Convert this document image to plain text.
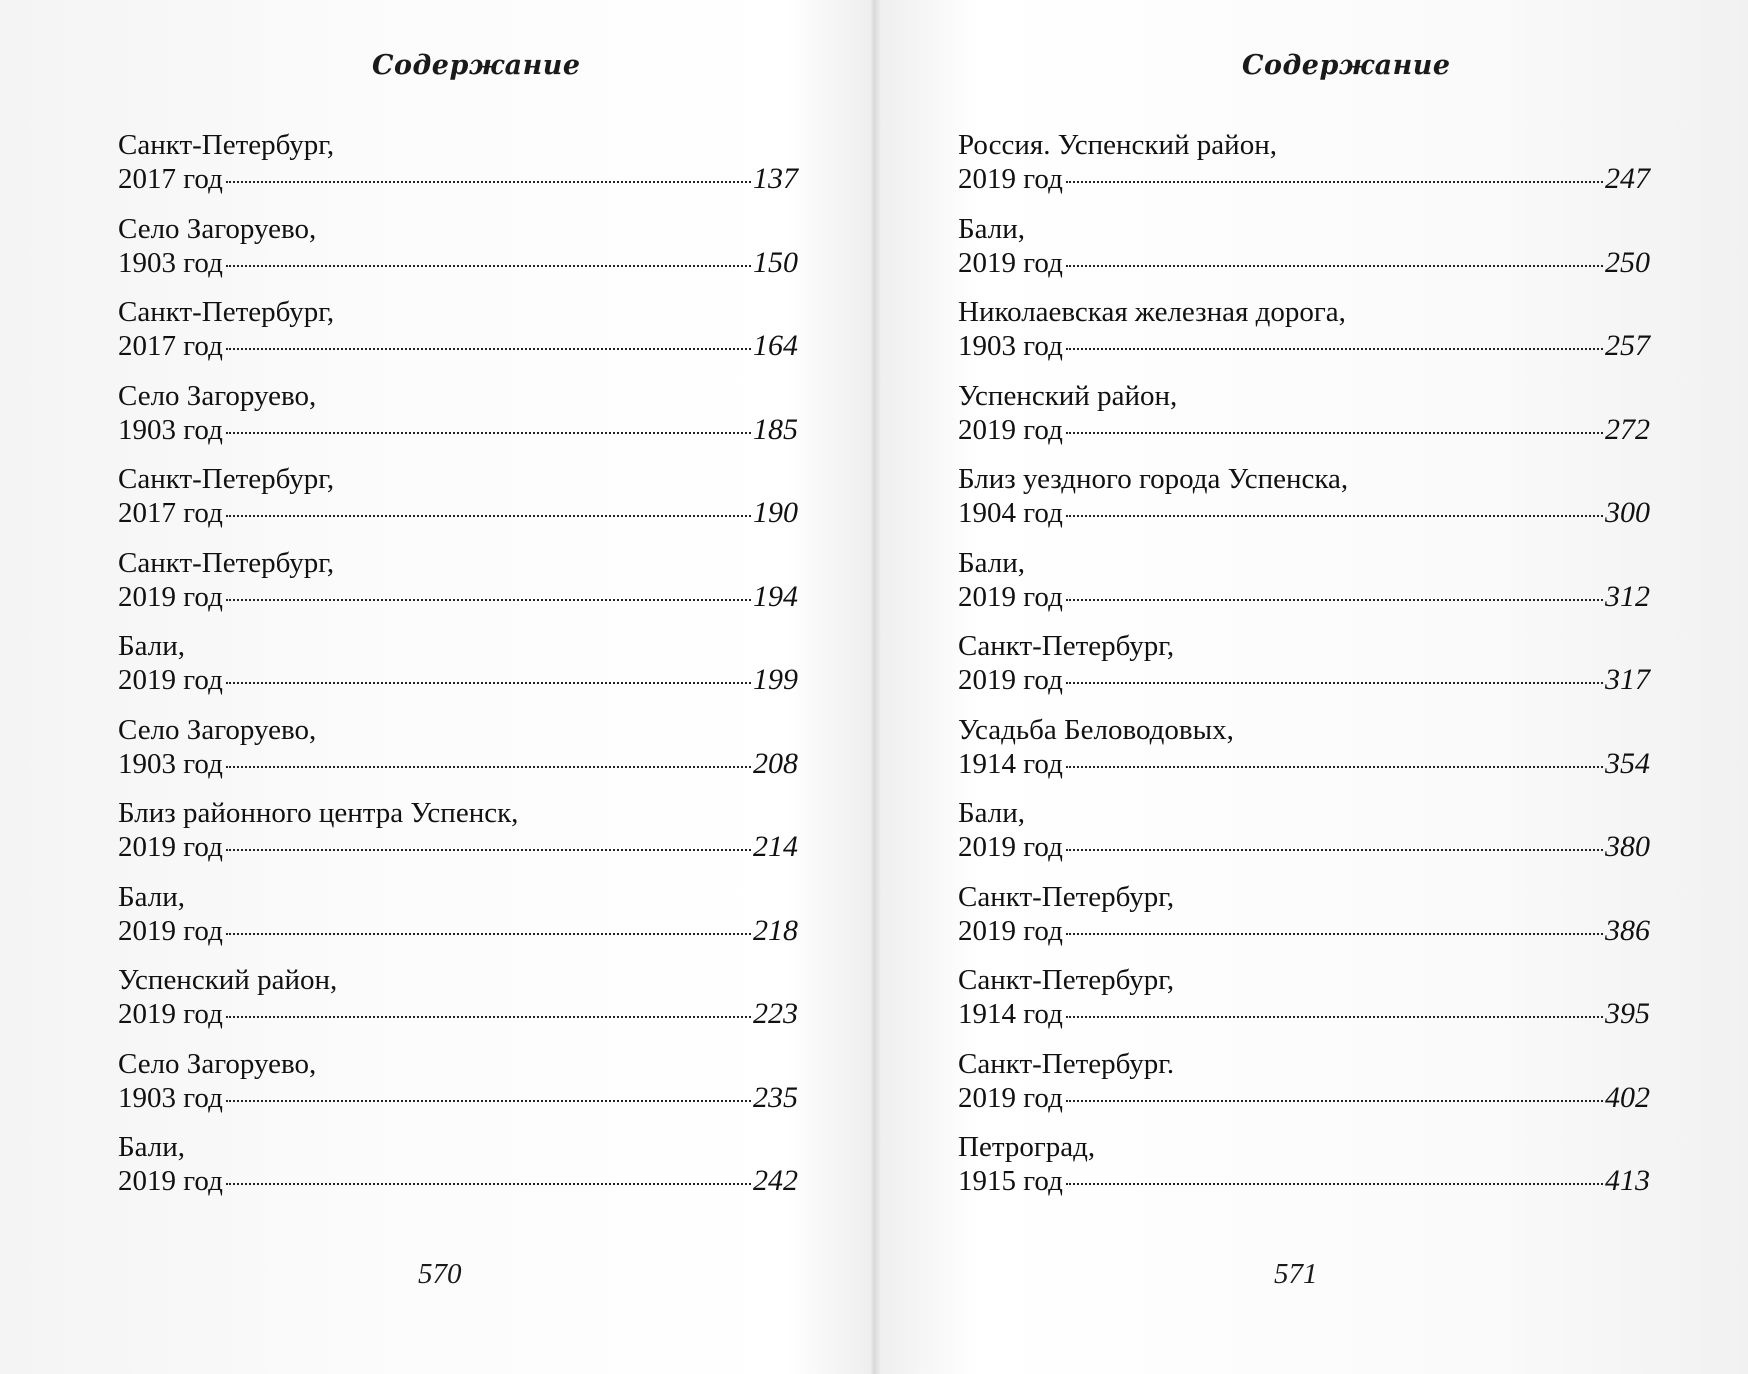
Содержание
Санкт-Петербург,
2017 год	137
Село Загоруево,
1903 год	150
Санкт-Петербург,
2017 год	164
Село Загоруево,
1903 год	185
Санкт-Петербург,
2017 год	190
Санкт-Петербург,
2019 год	194
Бали,
2019 год	199
Село Загоруево,
1903 год	208
Близ районного центра Успенск,
2019 год	214
Бали,
2019 год	218
Успенский район,
2019 год	223
Село Загоруево,
1903 год	235
Бали,
2019 год	242
570
Содержание
Россия. Успенский район,
2019 год	247
Бали,
2019 год	250
Николаевская железная дорога,
1903 год	257
Успенский район,
2019 год	272
Близ уездного города Успенска,
1904 год	300
Бали,
2019 год	312
Санкт-Петербург,
2019 год	317
Усадьба Беловодовых,
1914 год	354
Бали,
2019 год	380
Санкт-Петербург,
2019 год	386
Санкт-Петербург,
1914 год	395
Санкт-Петербург.
2019 год	402
Петроград,
1915 год	413
571
